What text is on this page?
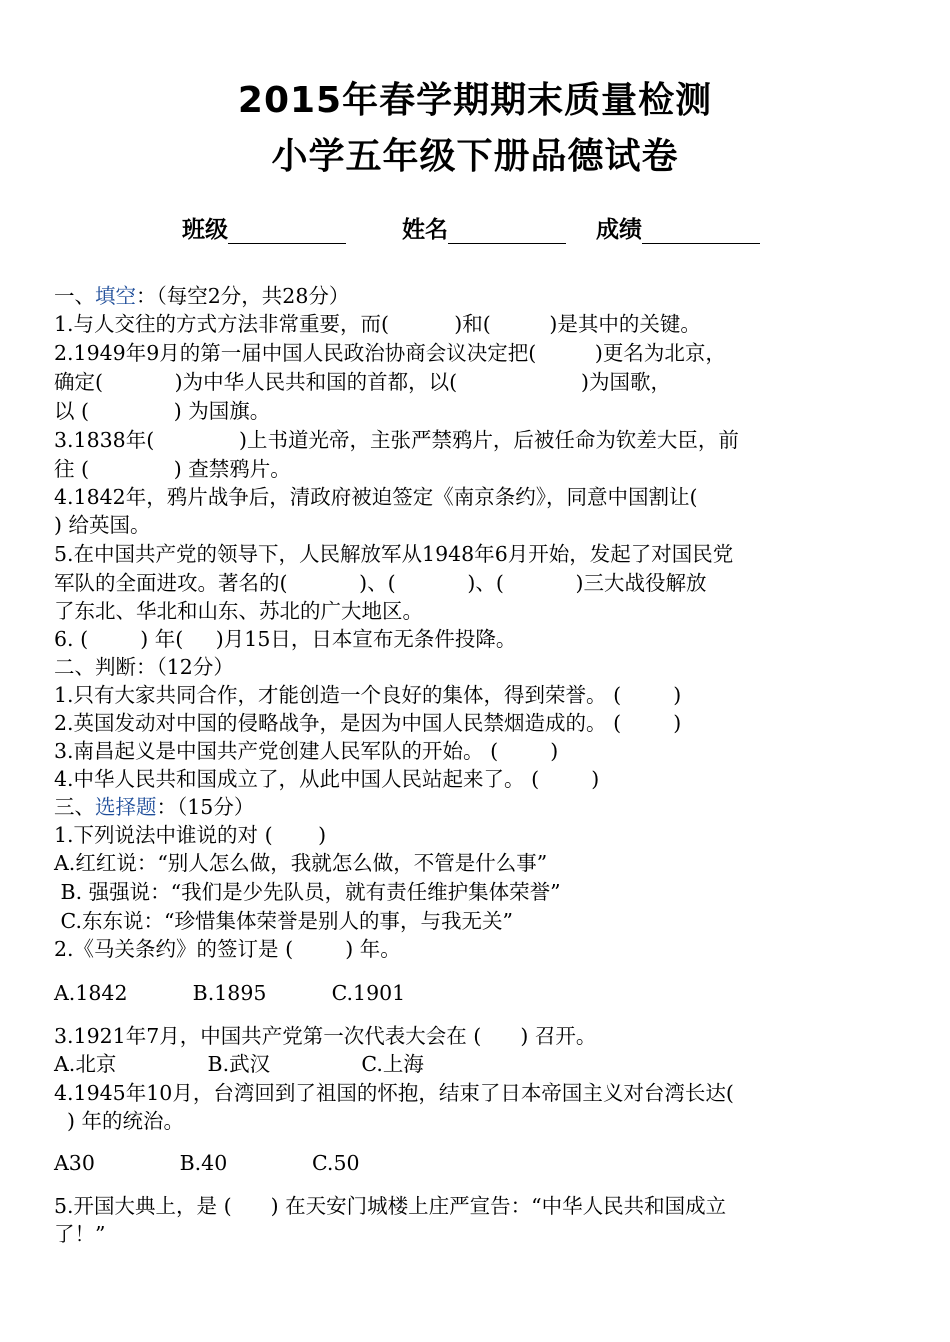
2015年春学期期末质量检测
小学五年级下册品德试卷
班级	姓名	成绩
一、填空：（每空2分，共28分）
1.与人交往的方式方法非常重要，而(          )和(         )是其中的关键。
2.1949年9月的第一届中国人民政治协商会议决定把(         )更名为北京，
确定(           )为中华人民共和国的首都，以(                   )为国歌，
以 (             ) 为国旗。
3.1838年(             )上书道光帝，主张严禁鸦片，后被任命为钦差大臣，前
往 (             ) 查禁鸦片。
4.1842年，鸦片战争后，清政府被迫签定《南京条约》，同意中国割让(
) 给英国。
5.在中国共产党的领导下，人民解放军从1948年6月开始，发起了对国民党
军队的全面进攻。著名的(           )、(           )、(           )三大战役解放
了东北、华北和山东、苏北的广大地区。
6. (        ) 年(     )月15日，日本宣布无条件投降。
二、判断：（12分）
1.只有大家共同合作，才能创造一个良好的集体，得到荣誉。 (        )
2.英国发动对中国的侵略战争，是因为中国人民禁烟造成的。 (        )
3.南昌起义是中国共产党创建人民军队的开始。 (        )
4.中华人民共和国成立了，从此中国人民站起来了。 (        )
三、选择题：（15分）
1.下列说法中谁说的对 (       )
A.红红说：“别人怎么做，我就怎么做，不管是什么事”
B. 强强说：“我们是少先队员，就有责任维护集体荣誉”
C.东东说：“珍惜集体荣誉是别人的事，与我无关”
2.《马关条约》的签订是 (        ) 年。
A.1842          B.1895          C.1901
3.1921年7月，中国共产党第一次代表大会在 (      ) 召开。
A.北京              B.武汉              C.上海
4.1945年10月，台湾回到了祖国的怀抱，结束了日本帝国主义对台湾长达(
) 年的统治。
A30             B.40             C.50
5.开国大典上，是 (      ) 在天安门城楼上庄严宣告：“中华人民共和国成立
了！”
